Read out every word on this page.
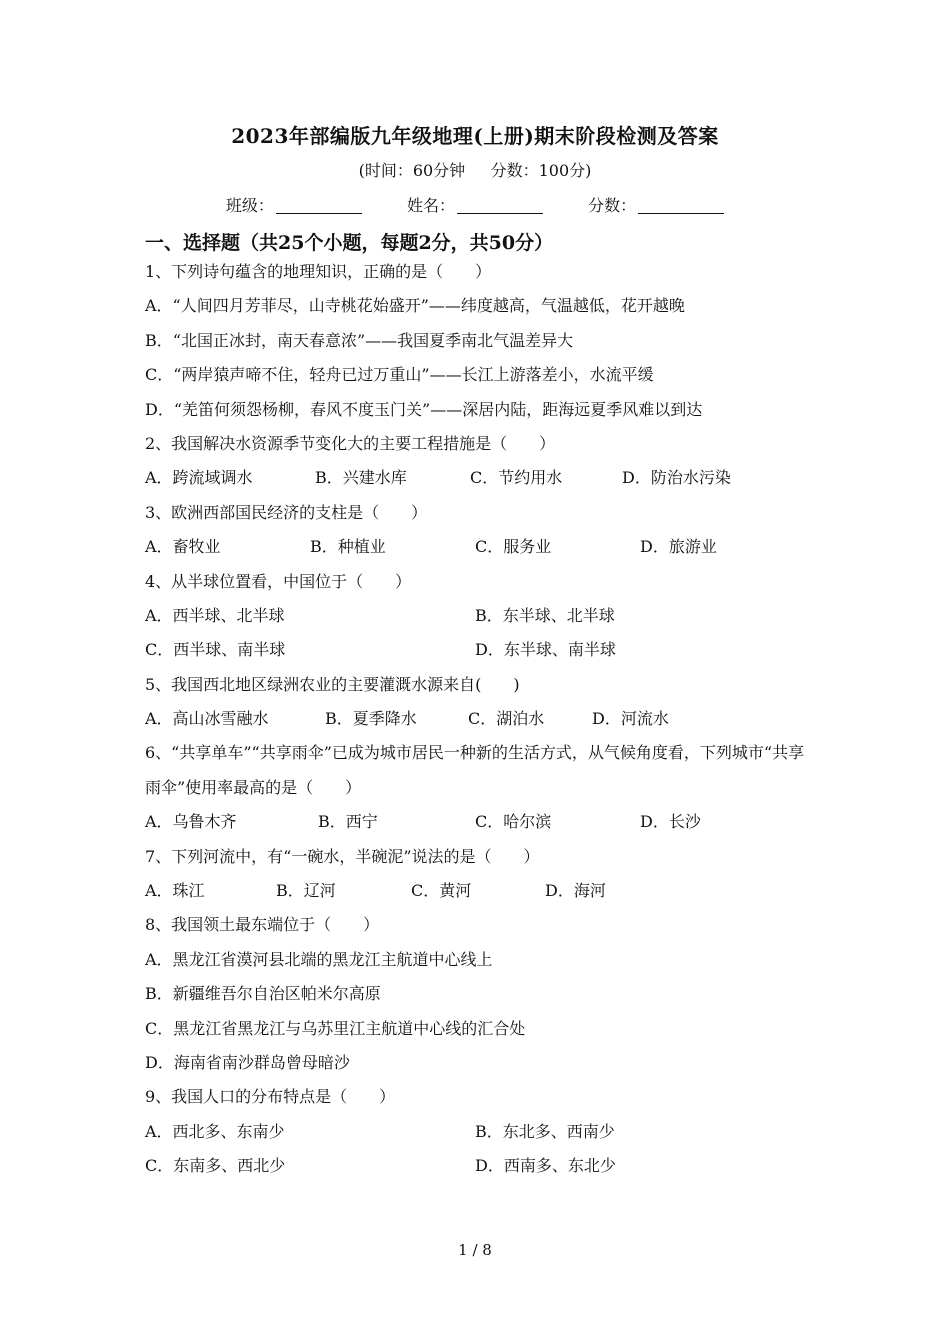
2023年部编版九年级地理(上册)期末阶段检测及答案
(时间：60分钟     分数：100分)
班级：	姓名：	分数：
一、选择题（共25个小题，每题2分，共50分）
1、下列诗句蕴含的地理知识，正确的是（　　）
A．“人间四月芳菲尽，山寺桃花始盛开”——纬度越高，气温越低，花开越晚
B．“北国正冰封，南天春意浓”——我国夏季南北气温差异大
C．“两岸猿声啼不住，轻舟已过万重山”——长江上游落差小，水流平缓
D．“羌笛何须怨杨柳，春风不度玉门关”——深居内陆，距海远夏季风难以到达
2、我国解决水资源季节变化大的主要工程措施是（　　）
A．跨流域调水	B．兴建水库	C．节约用水	D．防治水污染
3、欧洲西部国民经济的支柱是（　　）
A．畜牧业	B．种植业	C．服务业	D．旅游业
4、从半球位置看，中国位于（　　）
A．西半球、北半球	B．东半球、北半球
C．西半球、南半球	D．东半球、南半球
5、我国西北地区绿洲农业的主要灌溉水源来自(　　)
A．高山冰雪融水	B．夏季降水	C．湖泊水	D．河流水
6、“共享单车”“共享雨伞”已成为城市居民一种新的生活方式，从气候角度看，下列城市“共享雨伞”使用率最高的是（　　）
A．乌鲁木齐	B．西宁	C．哈尔滨	D．长沙
7、下列河流中，有“一碗水，半碗泥”说法的是（　　）
A．珠江	B．辽河	C．黄河	D．海河
8、我国领土最东端位于（　　）
A．黑龙江省漠河县北端的黑龙江主航道中心线上
B．新疆维吾尔自治区帕米尔高原
C．黑龙江省黑龙江与乌苏里江主航道中心线的汇合处
D．海南省南沙群岛曾母暗沙
9、我国人口的分布特点是（　　）
A．西北多、东南少	B．东北多、西南少
C．东南多、西北少	D．西南多、东北少
1 / 8
